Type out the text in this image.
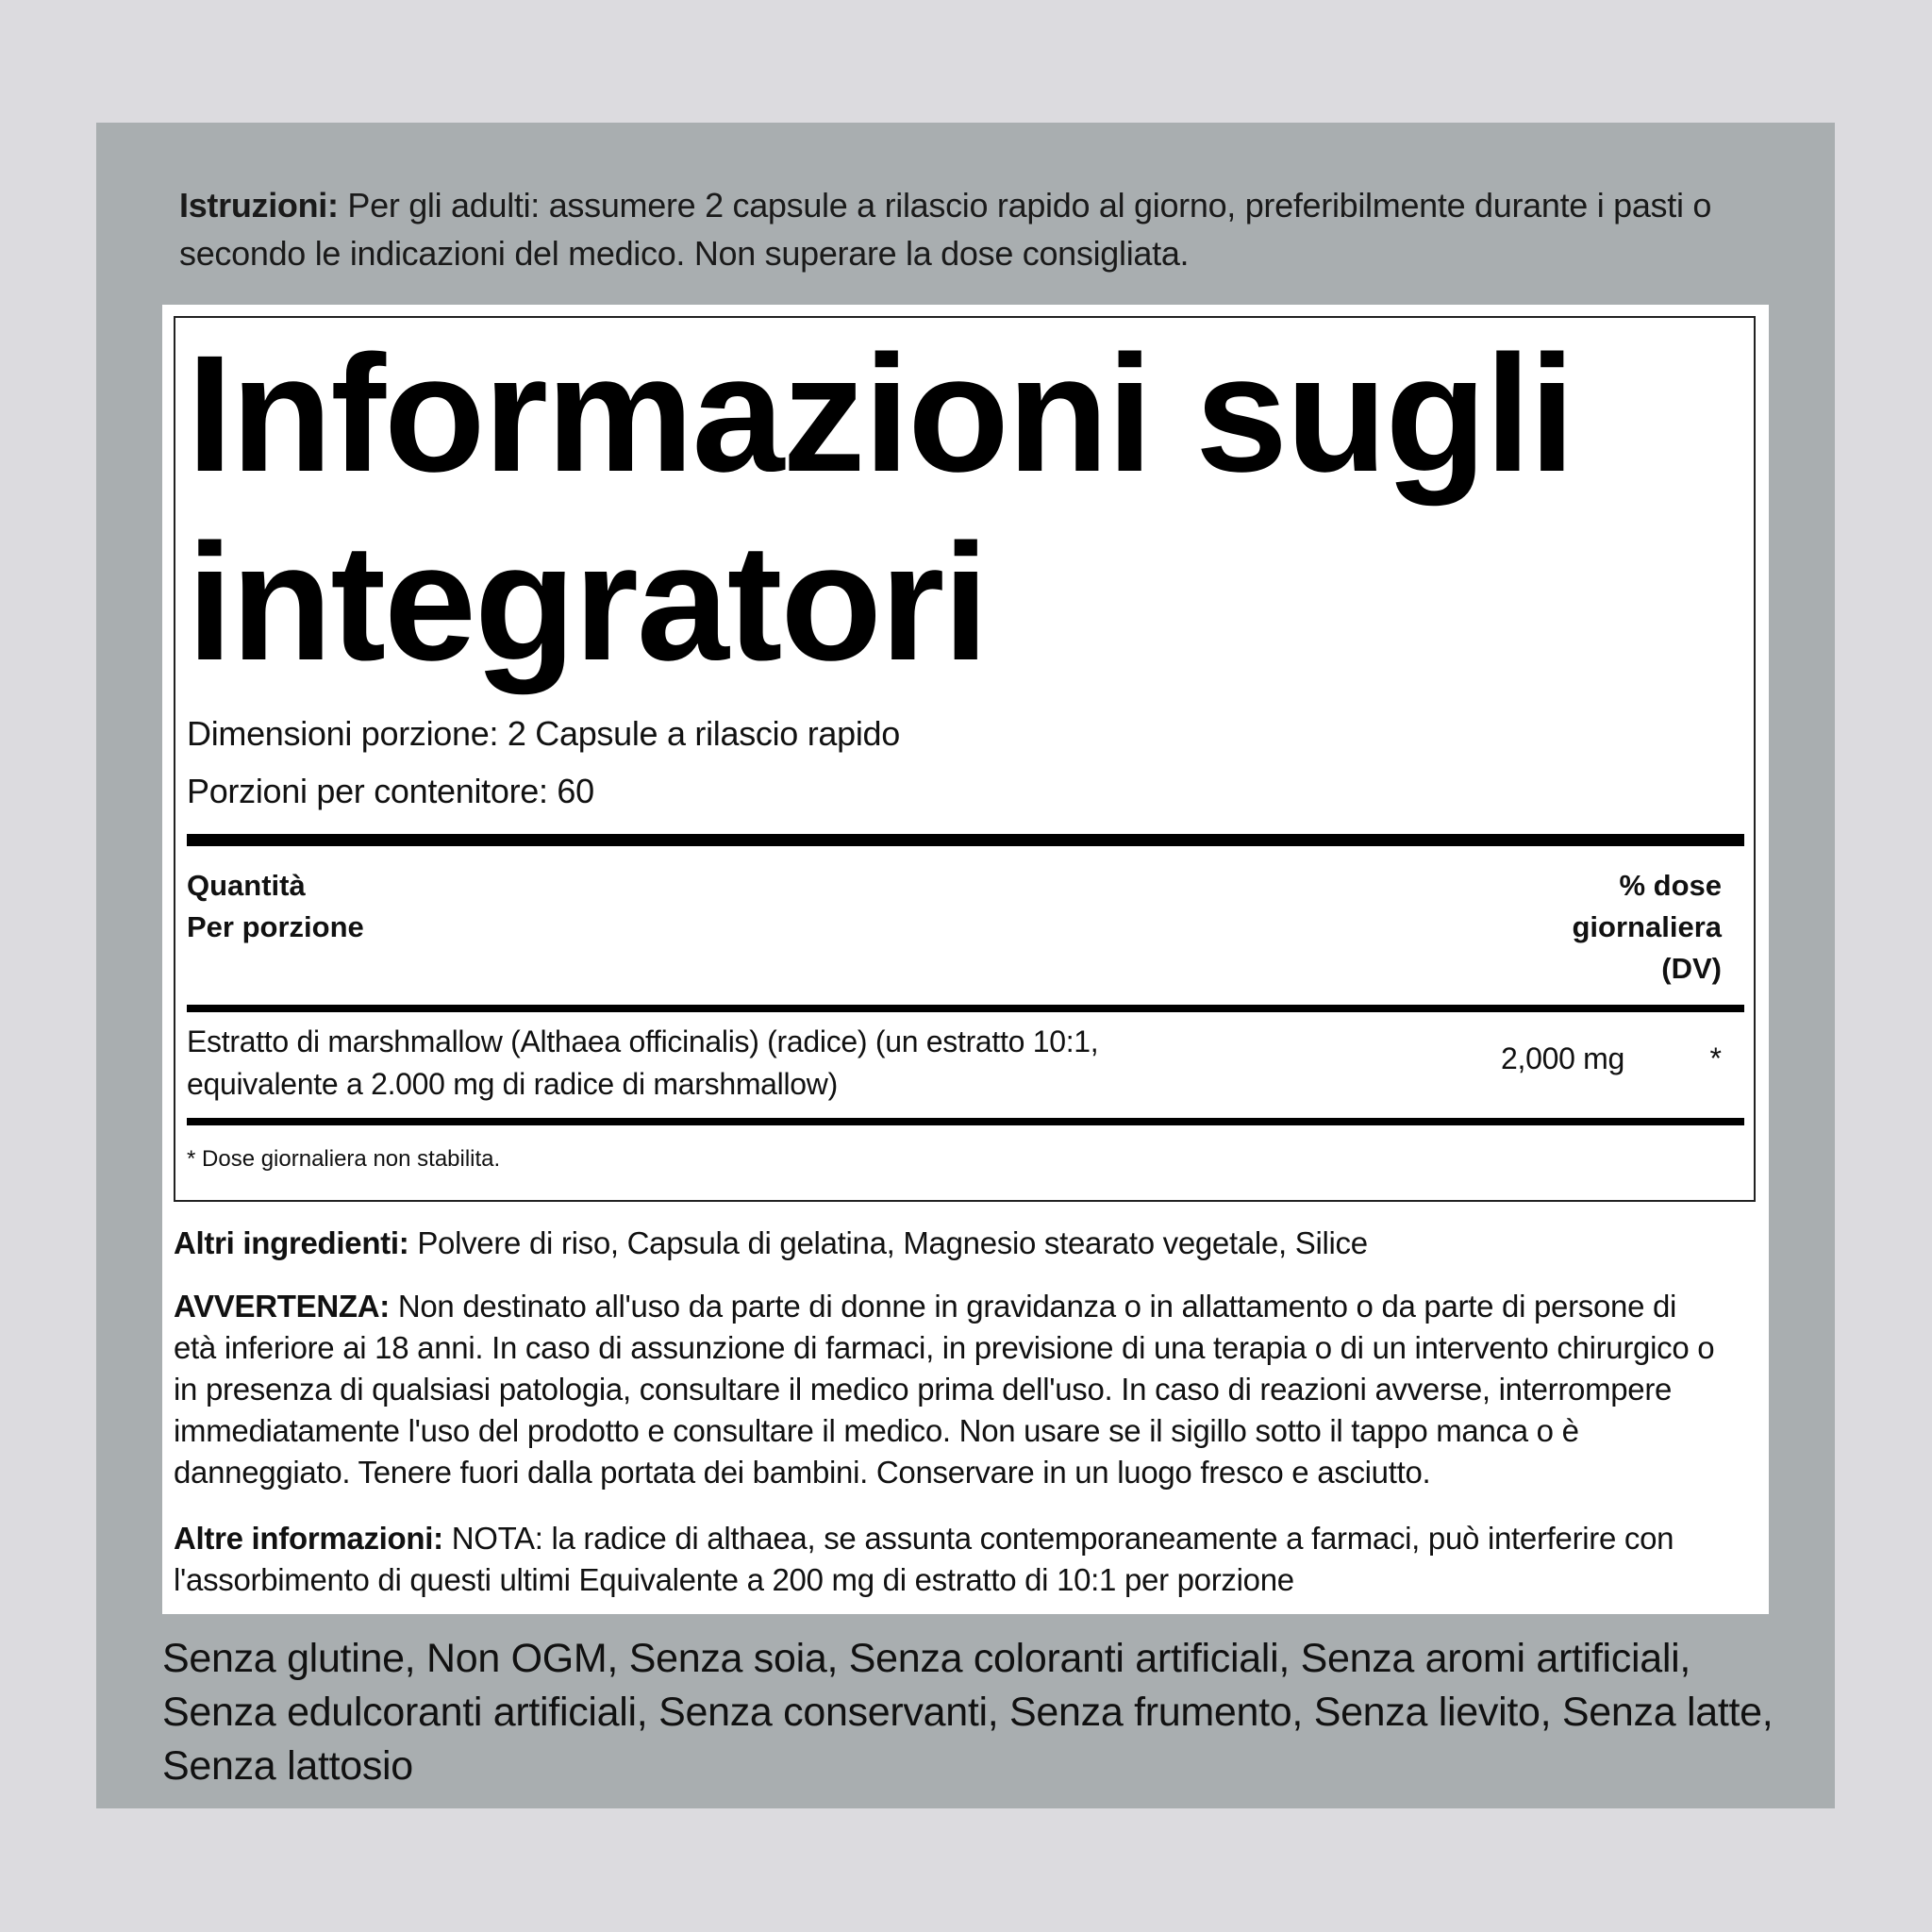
Istruzioni: Per gli adulti: assumere 2 capsule a rilascio rapido al giorno, preferibilmente durante i pasti o secondo le indicazioni del medico. Non superare la dose consigliata.
Informazioni sugli integratori
Dimensioni porzione: 2 Capsule a rilascio rapido
Porzioni per contenitore: 60
Quantità
Per porzione
% dose
giornaliera
(DV)
Estratto di marshmallow (Althaea officinalis) (radice) (un estratto 10:1, equivalente a 2.000 mg di radice di marshmallow)
2,000 mg	*
* Dose giornaliera non stabilita.
Altri ingredienti: Polvere di riso, Capsula di gelatina, Magnesio stearato vegetale, Silice
AVVERTENZA: Non destinato all'uso da parte di donne in gravidanza o in allattamento o da parte di persone di età inferiore ai 18 anni. In caso di assunzione di farmaci, in previsione di una terapia o di un intervento chirurgico o in presenza di qualsiasi patologia, consultare il medico prima dell'uso. In caso di reazioni avverse, interrompere immediatamente l'uso del prodotto e consultare il medico. Non usare se il sigillo sotto il tappo manca o è danneggiato. Tenere fuori dalla portata dei bambini. Conservare in un luogo fresco e asciutto.
Altre informazioni: NOTA: la radice di althaea, se assunta contemporaneamente a farmaci, può interferire con l'assorbimento di questi ultimi Equivalente a 200 mg di estratto di 10:1 per porzione
Senza glutine, Non OGM, Senza soia, Senza coloranti artificiali, Senza aromi artificiali, Senza edulcoranti artificiali, Senza conservanti, Senza frumento, Senza lievito, Senza latte, Senza lattosio
